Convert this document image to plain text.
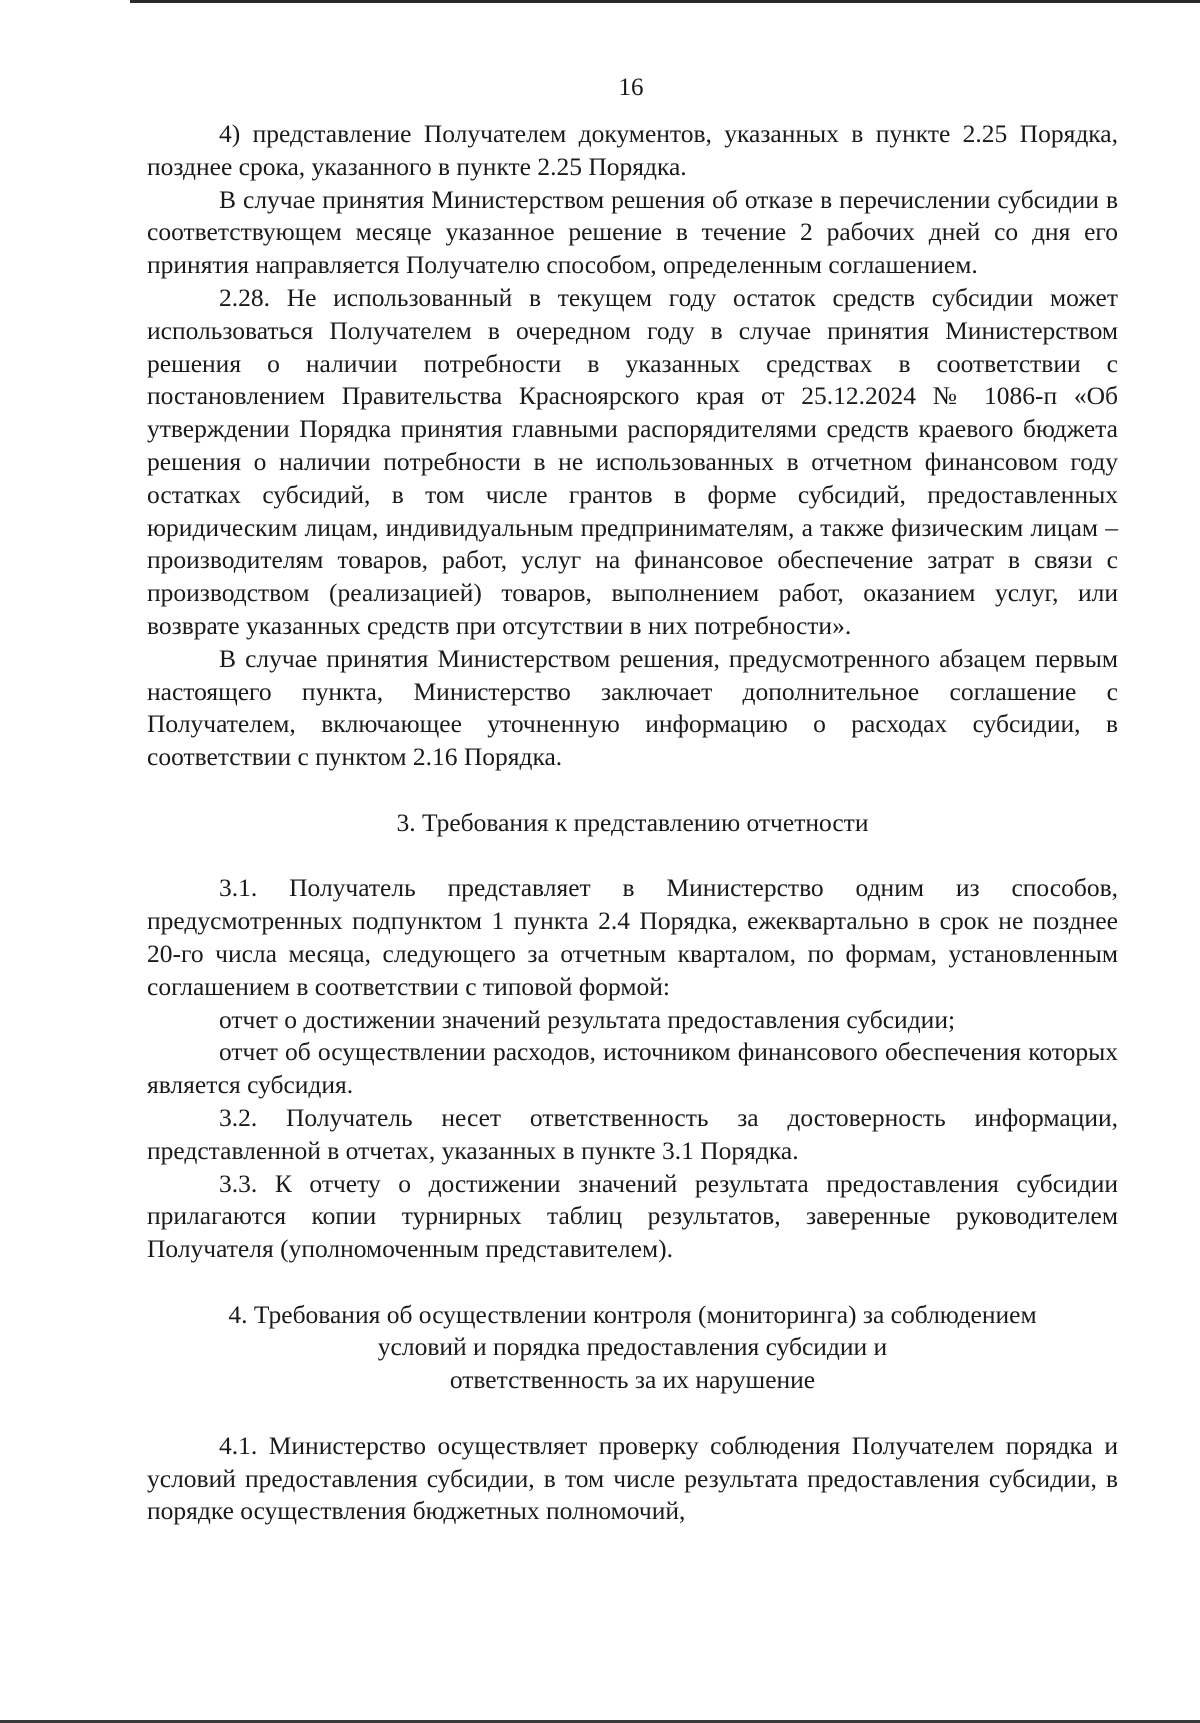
16

4) представление Получателем документов, указанных в пункте 2.25 Порядка, позднее срока, указанного в пункте 2.25 Порядка.

В случае принятия Министерством решения об отказе в перечислении субсидии в соответствующем месяце указанное решение в течение 2 рабочих дней со дня его принятия направляется Получателю способом, определенным соглашением.

2.28. Не использованный в текущем году остаток средств субсидии может использоваться Получателем в очередном году в случае принятия Министерством решения о наличии потребности в указанных средствах в соответствии с постановлением Правительства Красноярского края от 25.12.2024 № 1086-п «Об утверждении Порядка принятия главными распорядителями средств краевого бюджета решения о наличии потребности в не использованных в отчетном финансовом году остатках субсидий, в том числе грантов в форме субсидий, предоставленных юридическим лицам, индивидуальным предпринимателям, а также физическим лицам – производителям товаров, работ, услуг на финансовое обеспечение затрат в связи с производством (реализацией) товаров, выполнением работ, оказанием услуг, или возврате указанных средств при отсутствии в них потребности».

В случае принятия Министерством решения, предусмотренного абзацем первым настоящего пункта, Министерство заключает дополнительное соглашение с Получателем, включающее уточненную информацию о расходах субсидии, в соответствии с пунктом 2.16 Порядка.

3. Требования к представлению отчетности

3.1. Получатель представляет в Министерство одним из способов, предусмотренных подпунктом 1 пункта 2.4 Порядка, ежеквартально в срок не позднее 20-го числа месяца, следующего за отчетным кварталом, по формам, установленным соглашением в соответствии с типовой формой:

отчет о достижении значений результата предоставления субсидии;

отчет об осуществлении расходов, источником финансового обеспечения которых является субсидия.

3.2. Получатель несет ответственность за достоверность информации, представленной в отчетах, указанных в пункте 3.1 Порядка.

3.3. К отчету о достижении значений результата предоставления субсидии прилагаются копии турнирных таблиц результатов, заверенные руководителем Получателя (уполномоченным представителем).

4. Требования об осуществлении контроля (мониторинга) за соблюдением

условий и порядка предоставления субсидии и

ответственность за их нарушение

4.1. Министерство осуществляет проверку соблюдения Получателем порядка и условий предоставления субсидии, в том числе результата предоставления субсидии, в порядке осуществления бюджетных полномочий,
